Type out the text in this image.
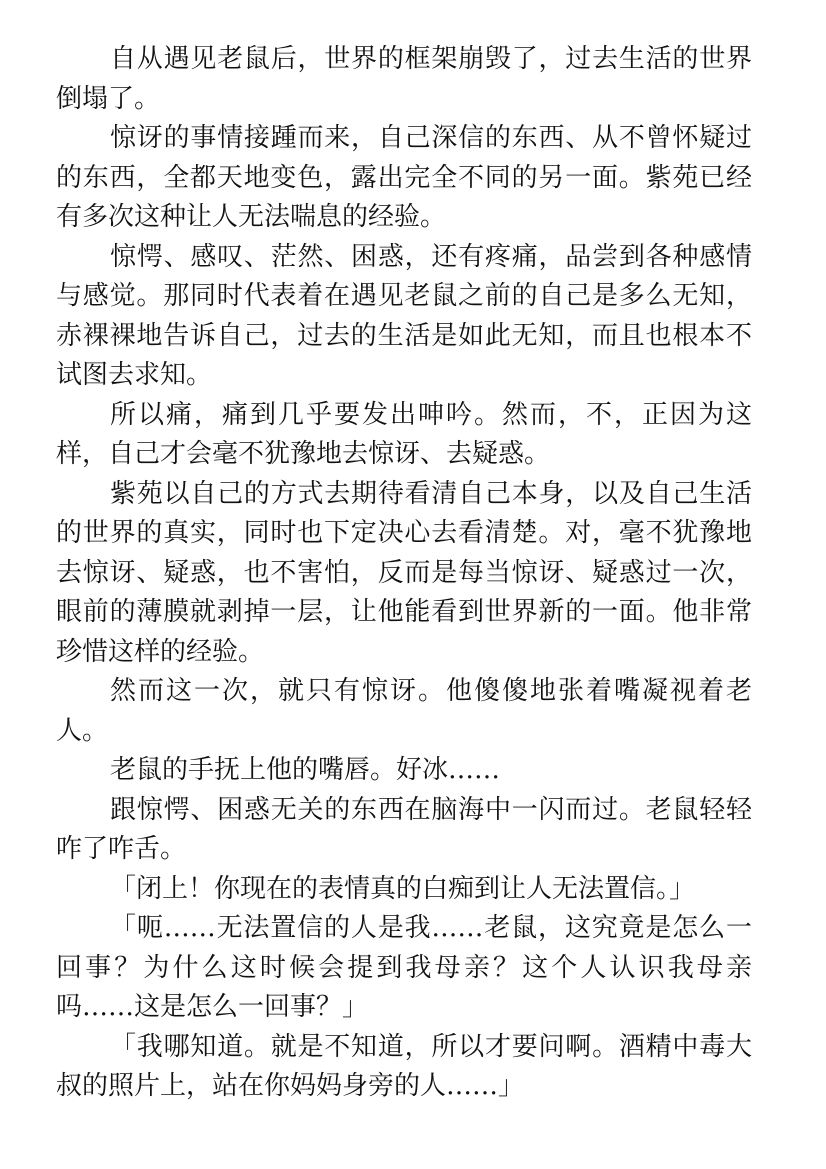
自从遇见老鼠后，世界的框架崩毁了，过去生活的世界倒塌了。

惊讶的事情接踵而来，自己深信的东西、从不曾怀疑过的东西，全都天地变色，露出完全不同的另一面。紫苑已经有多次这种让人无法喘息的经验。

惊愕、感叹、茫然、困惑，还有疼痛，品尝到各种感情与感觉。那同时代表着在遇见老鼠之前的自己是多么无知，赤裸裸地告诉自己，过去的生活是如此无知，而且也根本不试图去求知。

所以痛，痛到几乎要发出呻吟。然而，不，正因为这样，自己才会毫不犹豫地去惊讶、去疑惑。

紫苑以自己的方式去期待看清自己本身，以及自己生活的世界的真实，同时也下定决心去看清楚。对，毫不犹豫地去惊讶、疑惑，也不害怕，反而是每当惊讶、疑惑过一次，眼前的薄膜就剥掉一层，让他能看到世界新的一面。他非常珍惜这样的经验。

然而这一次，就只有惊讶。他傻傻地张着嘴凝视着老人。

老鼠的手抚上他的嘴唇。好冰……

跟惊愕、困惑无关的东西在脑海中一闪而过。老鼠轻轻咋了咋舌。

「闭上！你现在的表情真的白痴到让人无法置信。」

「呃……无法置信的人是我……老鼠，这究竟是怎么一回事？为什么这时候会提到我母亲？这个人认识我母亲吗……这是怎么一回事？」

「我哪知道。就是不知道，所以才要问啊。酒精中毒大叔的照片上，站在你妈妈身旁的人……」
